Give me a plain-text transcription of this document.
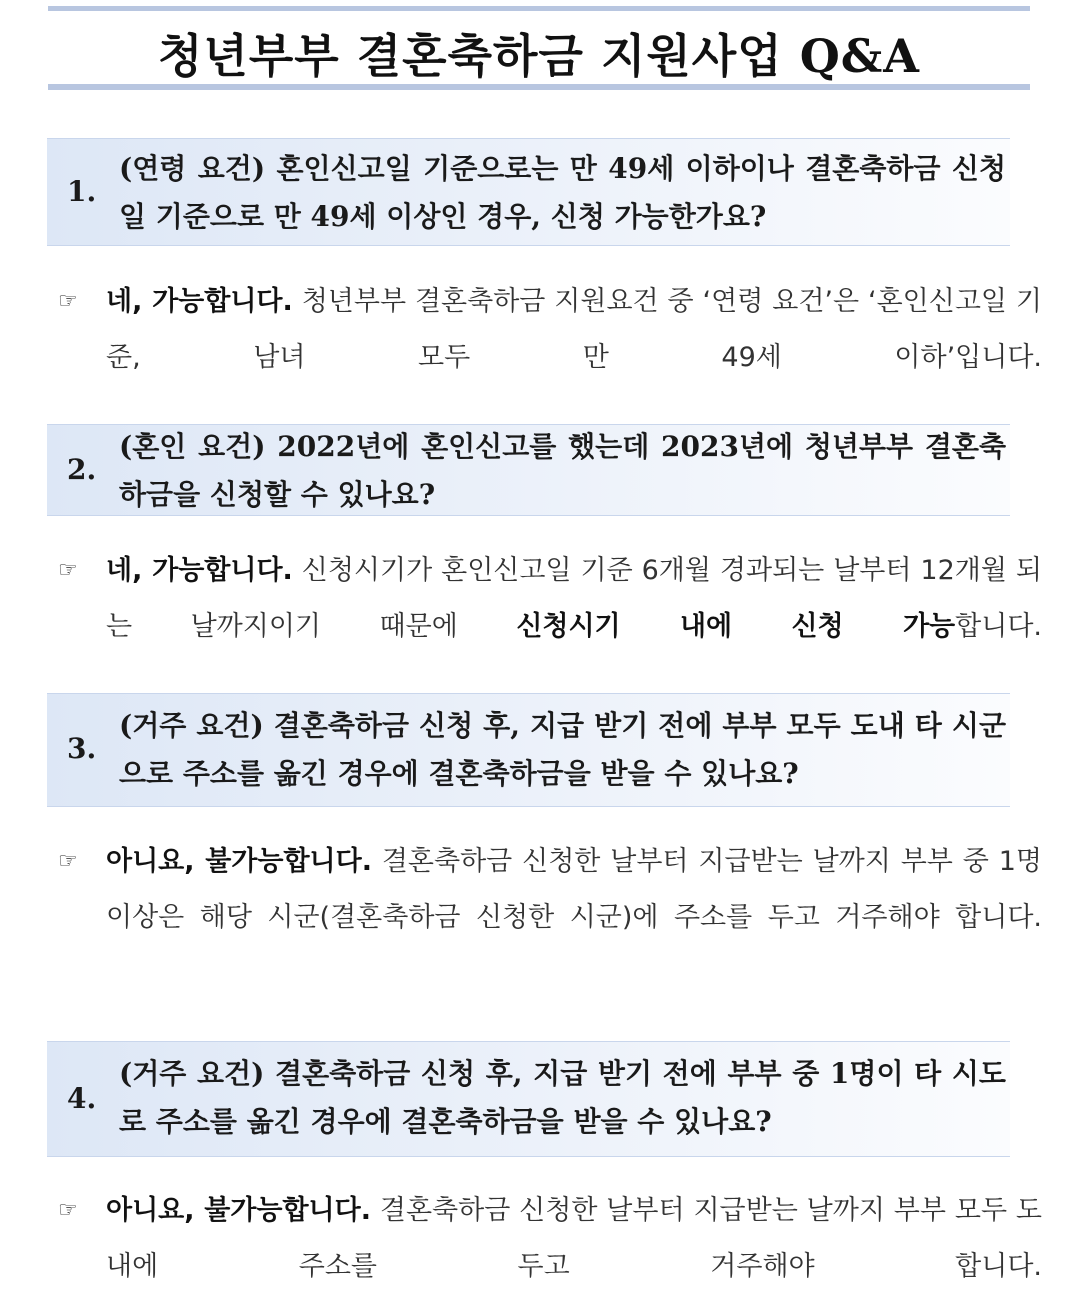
청년부부 결혼축하금 지원사업 Q&A
1.
(연령 요건) 혼인신고일 기준으로는 만 49세 이하이나 결혼축하금 신청일 기준으로 만 49세 이상인 경우, 신청 가능한가요?
☞ 네, 가능합니다. 청년부부 결혼축하금 지원요건 중 ‘연령 요건’은 ‘혼인신고일 기준, 남녀 모두 만 49세 이하’입니다.
2.
(혼인 요건) 2022년에 혼인신고를 했는데 2023년에 청년부부 결혼축하금을 신청할 수 있나요?
☞ 네, 가능합니다. 신청시기가 혼인신고일 기준 6개월 경과되는 날부터 12개월 되는 날까지이기 때문에 신청시기 내에 신청 가능합니다.
3.
(거주 요건) 결혼축하금 신청 후, 지급 받기 전에 부부 모두 도내 타 시군으로 주소를 옮긴 경우에 결혼축하금을 받을 수 있나요?
☞ 아니요, 불가능합니다. 결혼축하금 신청한 날부터 지급받는 날까지 부부 중 1명 이상은 해당 시군(결혼축하금 신청한 시군)에 주소를 두고 거주해야 합니다.
4.
(거주 요건) 결혼축하금 신청 후, 지급 받기 전에 부부 중 1명이 타 시도로 주소를 옮긴 경우에 결혼축하금을 받을 수 있나요?
☞ 아니요, 불가능합니다. 결혼축하금 신청한 날부터 지급받는 날까지 부부 모두 도내에 주소를 두고 거주해야 합니다.
